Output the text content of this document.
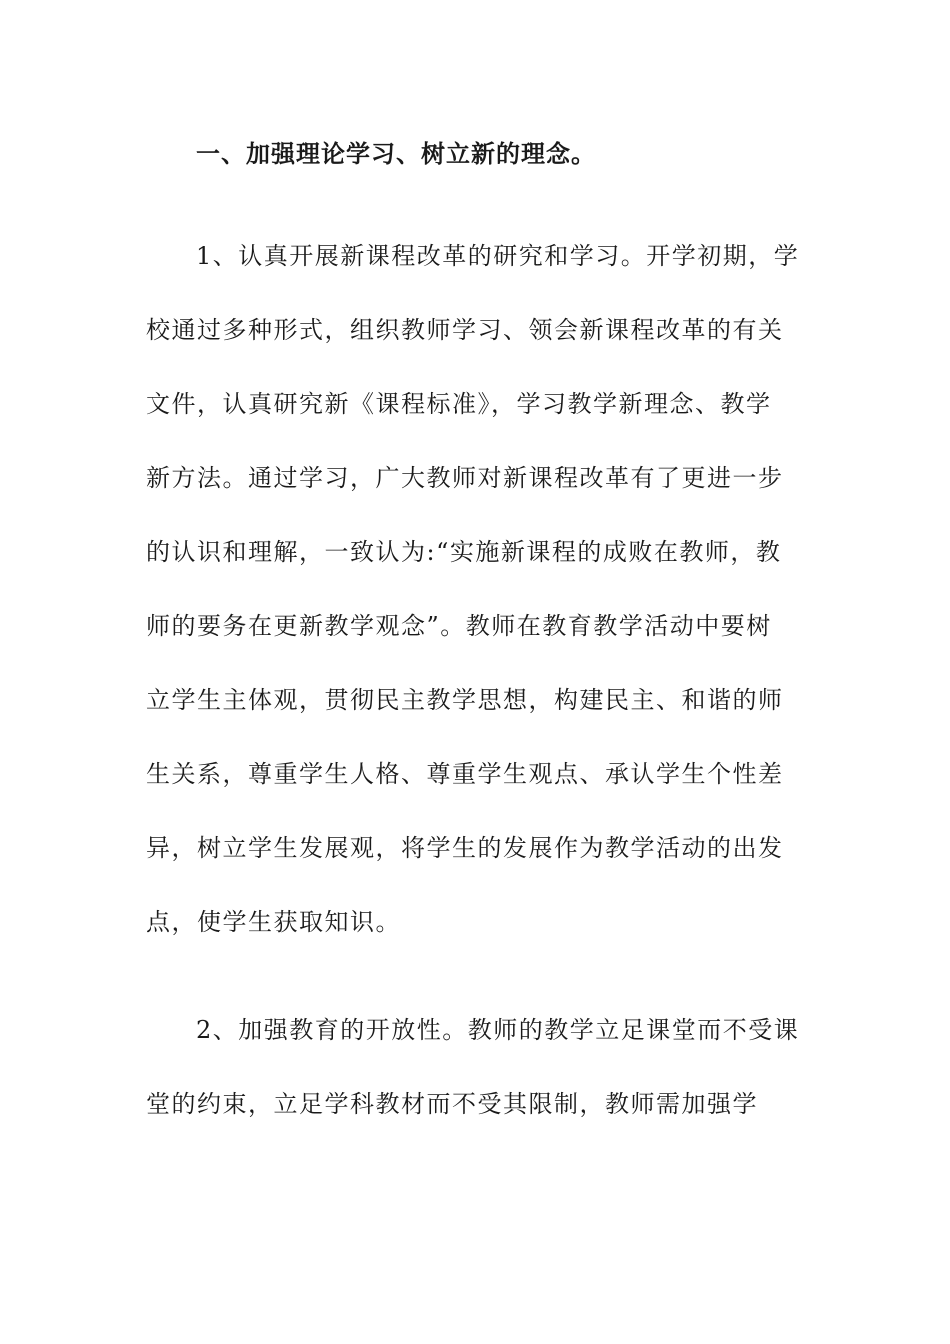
一、加强理论学习、树立新的理念。
1、认真开展新课程改革的研究和学习。开学初期，学
校通过多种形式，组织教师学习、领会新课程改革的有关
文件，认真研究新《课程标准》，学习教学新理念、教学
新方法。通过学习，广大教师对新课程改革有了更进一步
的认识和理解，一致认为:“实施新课程的成败在教师，教
师的要务在更新教学观念”。教师在教育教学活动中要树
立学生主体观，贯彻民主教学思想，构建民主、和谐的师
生关系，尊重学生人格、尊重学生观点、承认学生个性差
异，树立学生发展观，将学生的发展作为教学活动的出发
点，使学生获取知识。
2、加强教育的开放性。教师的教学立足课堂而不受课
堂的约束，立足学科教材而不受其限制，教师需加强学
